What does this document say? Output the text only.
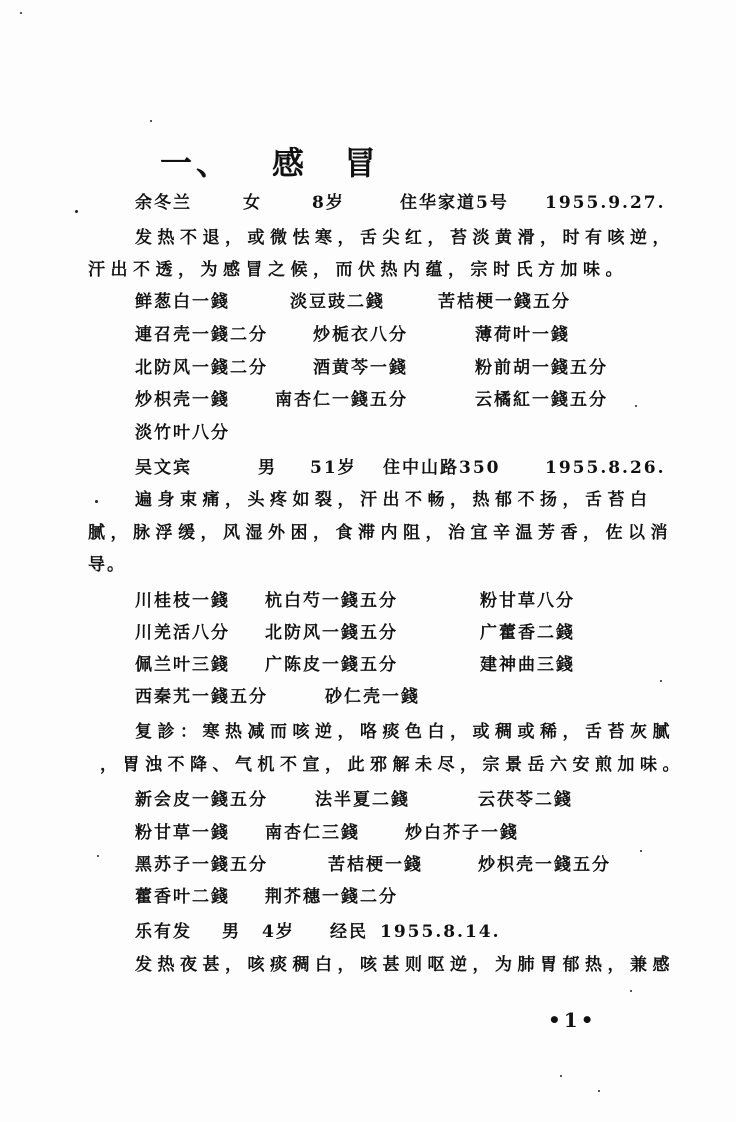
一、 感　冒
余冬兰	女	8岁	住华家道5号 1955.9.27.
发热不退，或微怯寒，舌尖红，苔淡黄滑，时有咳逆，
汗出不透，为感冒之候，而伏热内蕴，宗时氏方加味。
鲜葱白一錢	淡豆豉二錢	苦桔梗一錢五分
連召壳一錢二分	炒栀衣八分	薄荷叶一錢
北防风一錢二分	酒黄芩一錢	粉前胡一錢五分
炒枳壳一錢	南杏仁一錢五分	云橘紅一錢五分
淡竹叶八分
吴文宾	男 51岁 住中山路350	1955.8.26.
遍身束痛，头疼如裂，汗出不畅，热郁不扬，舌苔白
腻，脉浮缓，风湿外困，食滞内阻，治宜辛温芳香，佐以消
导。
川桂枝一錢 杭白芍一錢五分	粉甘草八分
川羌活八分 北防风一錢五分	广藿香二錢
佩兰叶三錢 广陈皮一錢五分	建神曲三錢
西秦艽一錢五分	砂仁壳一錢
复診：寒热减而咳逆，咯痰色白，或稠或稀，舌苔灰腻
，胃浊不降、气机不宣，此邪解未尽，宗景岳六安煎加味。
新会皮一錢五分	法半夏二錢	云茯苓二錢
粉甘草一錢 南杏仁三錢	炒白芥子一錢
黑苏子一錢五分	苦桔梗一錢	炒枳壳一錢五分
藿香叶二錢 荆芥穗一錢二分
乐有发 男 4岁 经民 1955.8.14.
发热夜甚，咳痰稠白，咳甚则呕逆，为肺胃郁热，兼感
•1•
